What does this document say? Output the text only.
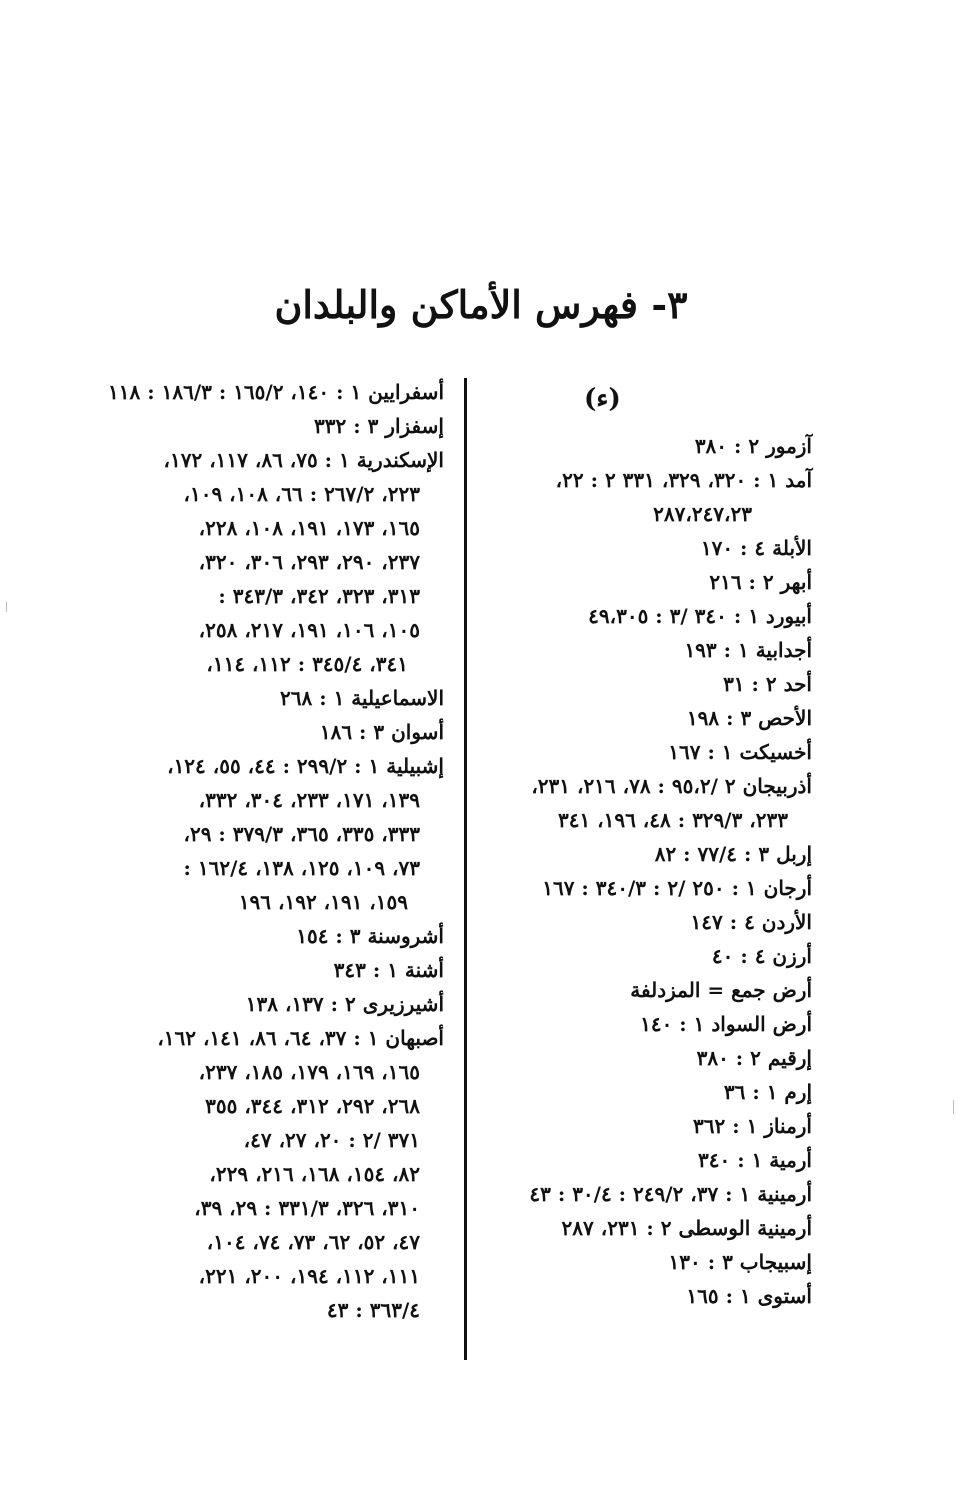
٣- فهرس الأماكن والبلدان
(ء)
آزمور ٢ : ٣٨٠
آمد ١ : ٣٢٠، ٣٢٩، ٣٣١ ٢ : ٢٢،
٢٨٧،٢٤٧،٢٣
الأبلة ٤ : ١٧٠
أبهر ٢ : ٢١٦
أبيورد ١ : ٣٤٠ /٣ : ٤٩،٣٠٥
أجدابية ١ : ١٩٣
أحد ٢ : ٣١
الأحص ٣ : ١٩٨
أخسيكت ١ : ١٦٧
أذربيجان ٢ /٩٥،٢ : ٧٨، ٢١٦، ٢٣١،
٢٣٣، ٣٢٩/٣ : ٤٨، ١٩٦، ٣٤١
إربل ٣ : ٧٧/٤ : ٨٢
أرجان ١ : ٢٥٠ /٢ : ٣٤٠/٣ : ١٦٧
الأردن ٤ : ١٤٧
أرزن ٤ : ٤٠
أرض جمع = المزدلفة
أرض السواد ١ : ١٤٠
إرقيم ٢ : ٣٨٠
إرم ١ : ٣٦
أرمناز ١ : ٣٦٢
أرمية ١ : ٣٤٠
أرمينية ١ : ٣٧، ٢٤٩/٢ : ٣٠/٤ : ٤٣
أرمينية الوسطى ٢ : ٢٣١، ٢٨٧
إسبيجاب ٣ : ١٣٠
أستوى ١ : ١٦٥
أسفرايين ١ : ١٤٠، ١٦٥/٢ : ١٨٦/٣ : ١١٨
إسفزار ٣ : ٣٣٢
الإسكندرية ١ : ٧٥، ٨٦، ١١٧، ١٧٢،
٢٢٣، ٢٦٧/٢ : ٦٦، ١٠٨، ١٠٩،
١٦٥، ١٧٣، ١٩١، ١٠٨، ٢٢٨،
٢٣٧، ٢٩٠، ٢٩٣، ٣٠٦، ٣٢٠،
٣١٣، ٣٢٣، ٣٤٢، ٣٤٣/٣ :
١٠٥، ١٠٦، ١٩١، ٢١٧، ٢٥٨،
٣٤١، ٣٤٥/٤ : ١١٢، ١١٤،
الاسماعيلية ١ : ٢٦٨
أسوان ٣ : ١٨٦
إشبيلية ١ : ٢٩٩/٢ : ٤٤، ٥٥، ١٢٤،
١٣٩، ١٧١، ٢٣٣، ٣٠٤، ٣٣٢،
٣٣٣، ٣٣٥، ٣٦٥، ٣٧٩/٣ : ٢٩،
٧٣، ١٠٩، ١٢٥، ١٣٨، ١٦٢/٤ :
١٥٩، ١٩١، ١٩٢، ١٩٦
أشروسنة ٣ : ١٥٤
أشنة ١ : ٣٤٣
أشيرزيرى ٢ : ١٣٧، ١٣٨
أصبهان ١ : ٣٧، ٦٤، ٨٦، ١٤١، ١٦٢،
١٦٥، ١٦٩، ١٧٩، ١٨٥، ٢٣٧،
٢٦٨، ٢٩٢، ٣١٢، ٣٤٤، ٣٥٥
٣٧١ /٢ : ٢٠، ٢٧، ٤٧،
٨٢، ١٥٤، ١٦٨، ٢١٦، ٢٢٩،
٣١٠، ٣٢٦، ٣٣١/٣ : ٢٩، ٣٩،
٤٧، ٥٢، ٦٢، ٧٣، ٧٤، ١٠٤،
١١١، ١١٢، ١٩٤، ٢٠٠، ٢٢١،
٣٦٣/٤ : ٤٣
